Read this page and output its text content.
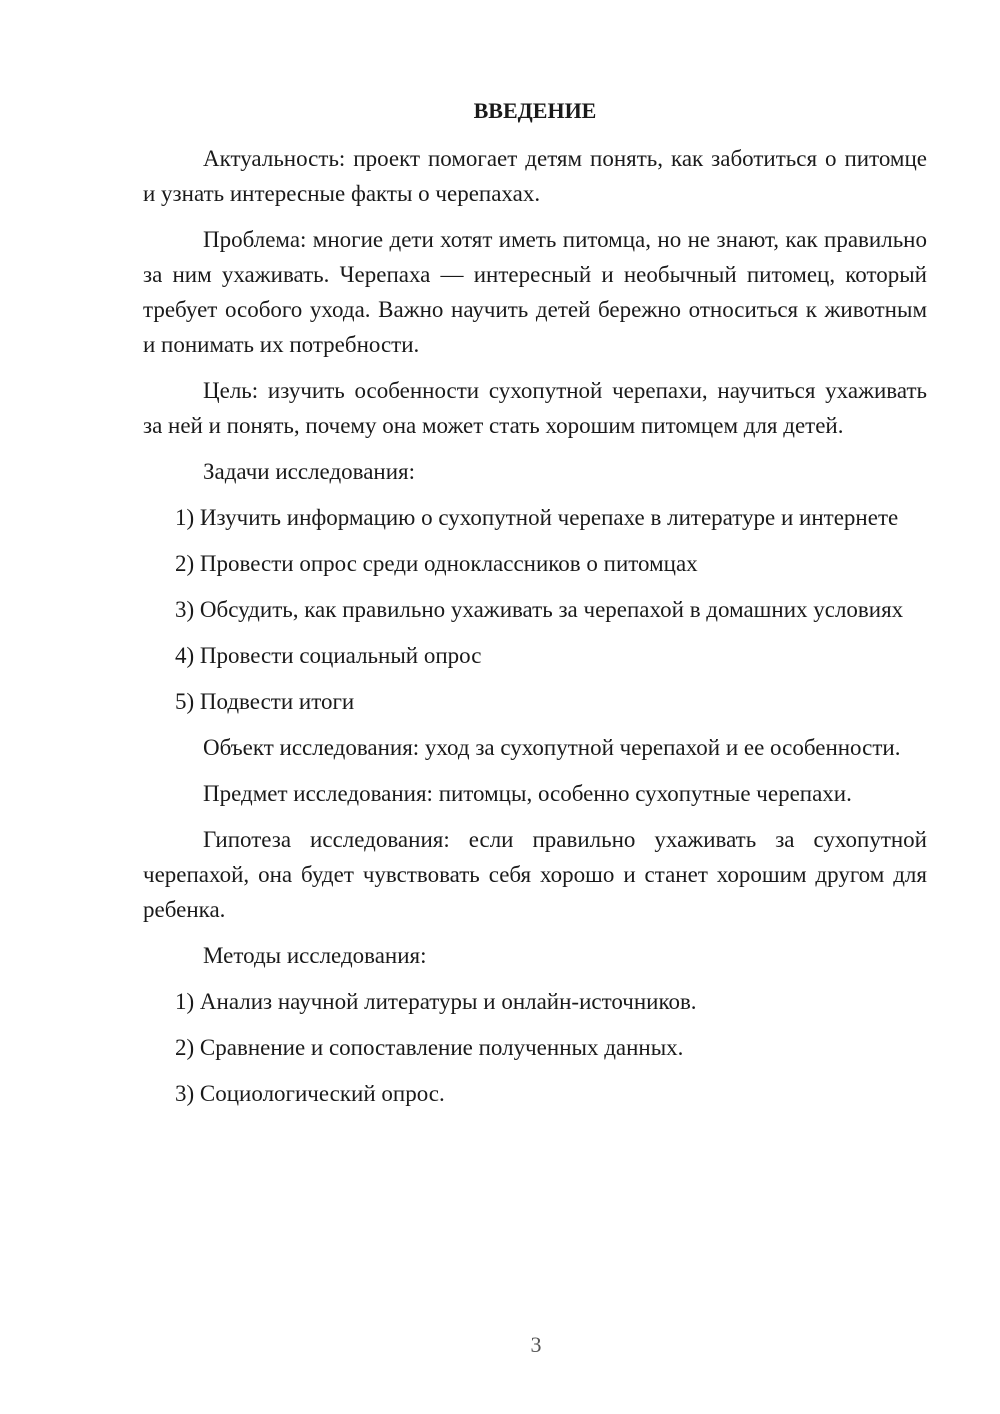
ВВЕДЕНИЕ

Актуальность: проект помогает детям понять, как заботиться о питомце и узнать интересные факты о черепахах.

Проблема: многие дети хотят иметь питомца, но не знают, как правильно за ним ухаживать. Черепаха — интересный и необычный питомец, который требует особого ухода. Важно научить детей бережно относиться к животным и понимать их потребности.

Цель: изучить особенности сухопутной черепахи, научиться ухаживать за ней и понять, почему она может стать хорошим питомцем для детей.

Задачи исследования:

1) Изучить информацию о сухопутной черепахе в литературе и интернете

2) Провести опрос среди одноклассников о питомцах

3) Обсудить, как правильно ухаживать за черепахой в домашних условиях

4) Провести социальный опрос

5) Подвести итоги

Объект исследования: уход за сухопутной черепахой и ее особенности.

Предмет исследования: питомцы, особенно сухопутные черепахи.

Гипотеза исследования: если правильно ухаживать за сухопутной черепахой, она будет чувствовать себя хорошо и станет хорошим другом для ребенка.

Методы исследования:

1) Анализ научной литературы и онлайн-источников.

2) Сравнение и сопоставление полученных данных.

3) Социологический опрос.

3
